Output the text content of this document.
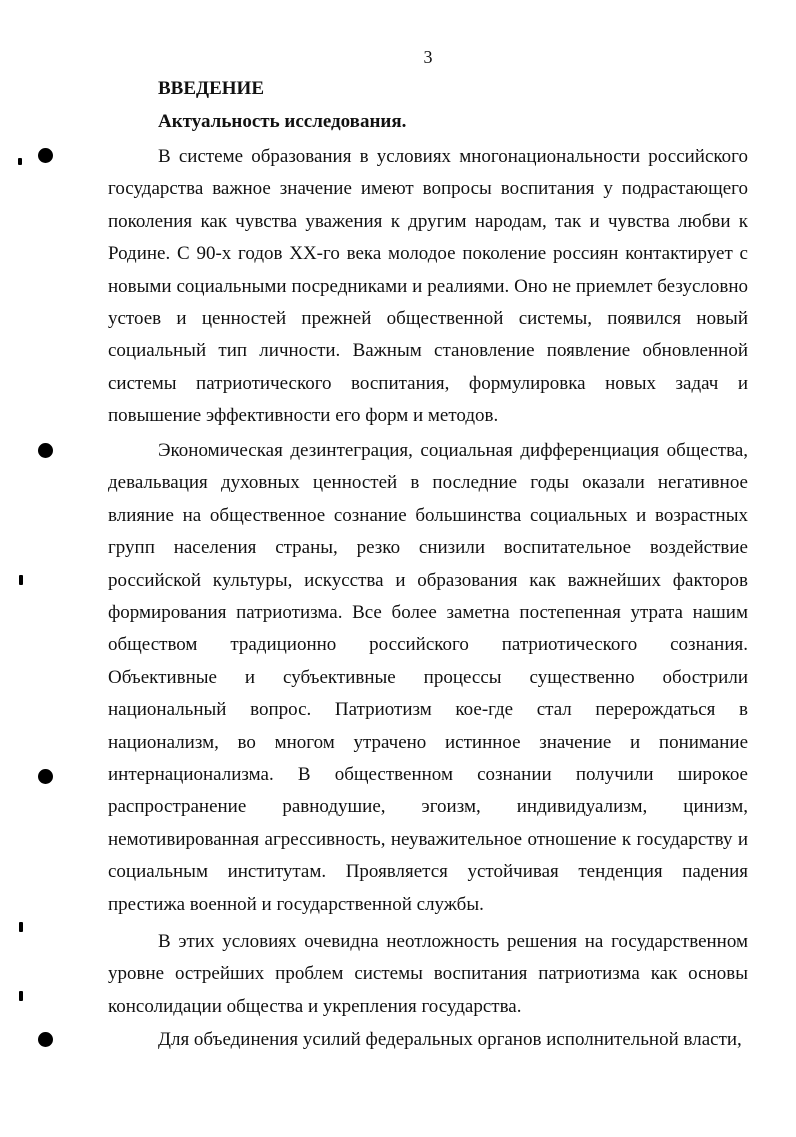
3
ВВЕДЕНИЕ
Актуальность исследования.

В системе образования в условиях многонациональности российского государства важное значение имеют вопросы воспитания у подрастающего поколения как чувства уважения к другим народам, так и чувства любви к Родине. С 90-х годов XX-го века молодое поколение россиян контактирует с новыми социальными посредниками и реалиями. Оно не приемлет безусловно устоев и ценностей прежней общественной системы, появился новый социальный тип личности. Важным становление появление обновленной системы патриотического воспитания, формулировка новых задач и повышение эффективности его форм и методов.

Экономическая дезинтеграция, социальная дифференциация общества, девальвация духовных ценностей в последние годы оказали негативное влияние на общественное сознание большинства социальных и возрастных групп населения страны, резко снизили воспитательное воздействие российской культуры, искусства и образования как важнейших факторов формирования патриотизма. Все более заметна постепенная утрата нашим обществом традиционно российского патриотического сознания. Объективные и субъективные процессы существенно обострили национальный вопрос. Патриотизм кое-где стал перерождаться в национализм, во многом утрачено истинное значение и понимание интернационализма. В общественном сознании получили широкое распространение равнодушие, эгоизм, индивидуализм, цинизм, немотивированная агрессивность, неуважительное отношение к государству и социальным институтам. Проявляется устойчивая тенденция падения престижа военной и государственной службы.

В этих условиях очевидна неотложность решения на государственном уровне острейших проблем системы воспитания патриотизма как основы консолидации общества и укрепления государства.

Для объединения усилий федеральных органов исполнительной власти,
